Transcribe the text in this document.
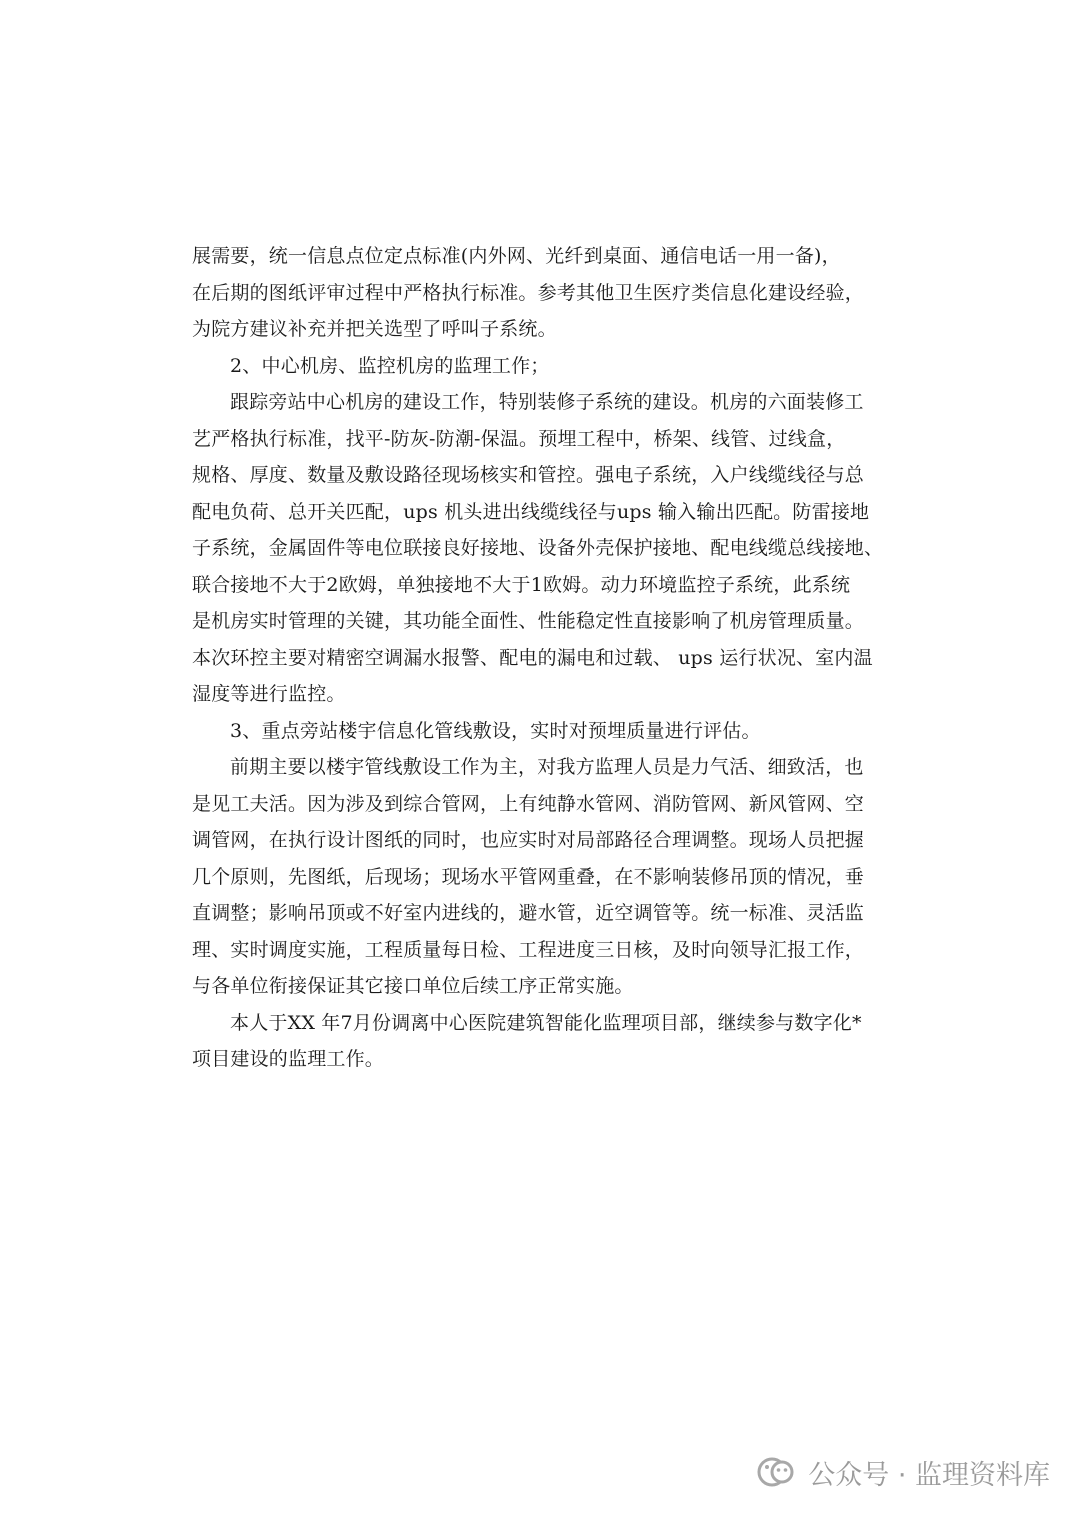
展需要，统一信息点位定点标准(内外网、光纤到桌面、通信电话一用一备)，
在后期的图纸评审过程中严格执行标准。参考其他卫生医疗类信息化建设经验，
为院方建议补充并把关选型了呼叫子系统。
2、中心机房、监控机房的监理工作；
跟踪旁站中心机房的建设工作，特别装修子系统的建设。机房的六面装修工
艺严格执行标准，找平-防灰-防潮-保温。预埋工程中，桥架、线管、过线盒，
规格、厚度、数量及敷设路径现场核实和管控。强电子系统，入户线缆线径与总
配电负荷、总开关匹配，ups 机头进出线缆线径与ups 输入输出匹配。防雷接地
子系统，金属固件等电位联接良好接地、设备外壳保护接地、配电线缆总线接地、
联合接地不大于2欧姆，单独接地不大于1欧姆。动力环境监控子系统，此系统
是机房实时管理的关键，其功能全面性、性能稳定性直接影响了机房管理质量。
本次环控主要对精密空调漏水报警、配电的漏电和过载、 ups 运行状况、室内温
湿度等进行监控。
3、重点旁站楼宇信息化管线敷设，实时对预埋质量进行评估。
前期主要以楼宇管线敷设工作为主，对我方监理人员是力气活、细致活，也
是见工夫活。因为涉及到综合管网，上有纯静水管网、消防管网、新风管网、空
调管网，在执行设计图纸的同时，也应实时对局部路径合理调整。现场人员把握
几个原则，先图纸，后现场；现场水平管网重叠，在不影响装修吊顶的情况，垂
直调整；影响吊顶或不好室内进线的，避水管，近空调管等。统一标准、灵活监
理、实时调度实施，工程质量每日检、工程进度三日核，及时向领导汇报工作，
与各单位衔接保证其它接口单位后续工序正常实施。
本人于XX 年7月份调离中心医院建筑智能化监理项目部，继续参与数字化*
项目建设的监理工作。
公众号 · 监理资料库
